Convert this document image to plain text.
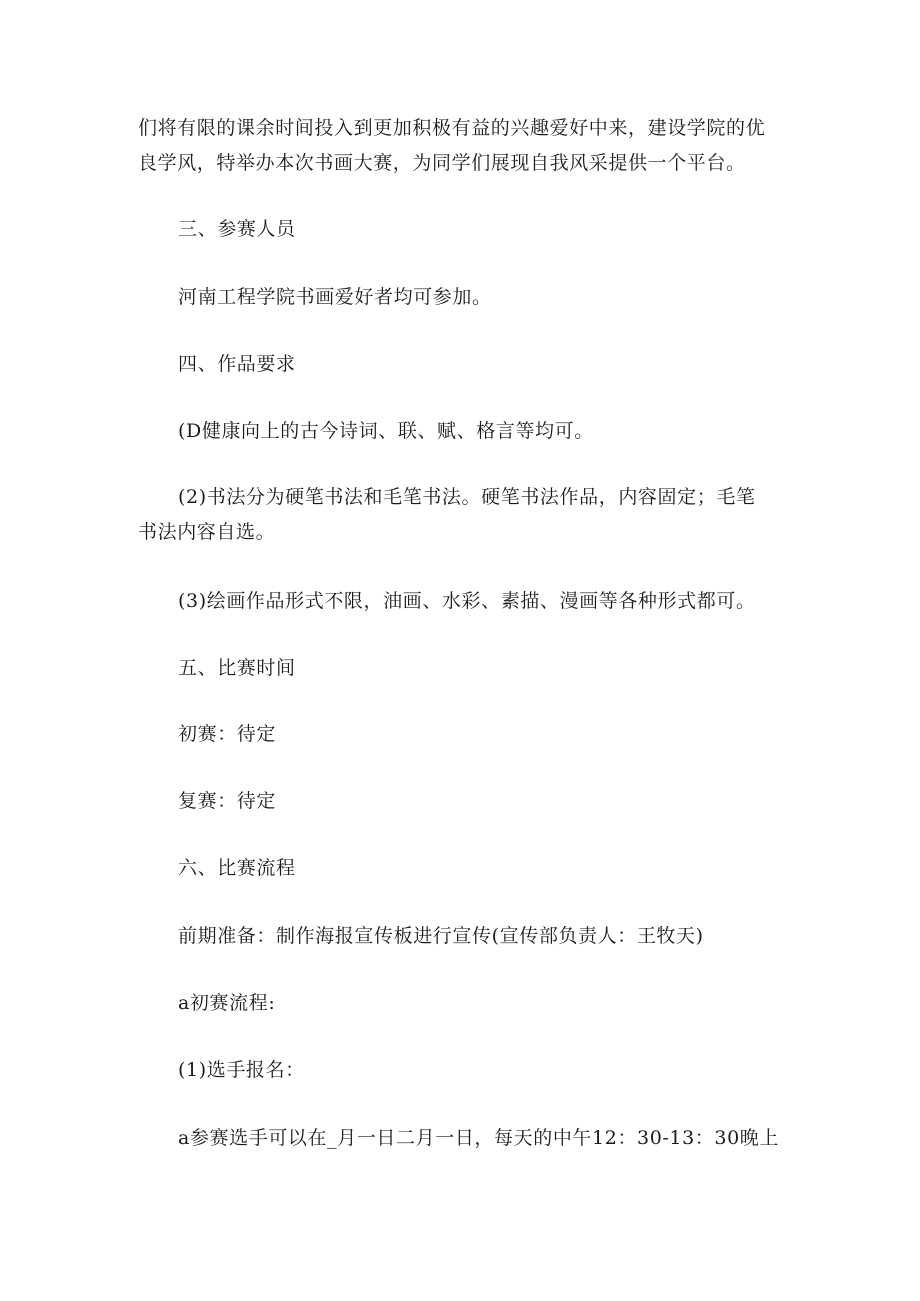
们将有限的课余时间投入到更加积极有益的兴趣爱好中来，建设学院的优
良学风，特举办本次书画大赛，为同学们展现自我风采提供一个平台。
三、参赛人员
河南工程学院书画爱好者均可参加。
四、作品要求
(D健康向上的古今诗词、联、赋、格言等均可。
(2)书法分为硬笔书法和毛笔书法。硬笔书法作品，内容固定；毛笔
书法内容自选。
(3)绘画作品形式不限，油画、水彩、素描、漫画等各种形式都可。
五、比赛时间
初赛：待定
复赛：待定
六、比赛流程
前期准备：制作海报宣传板进行宣传(宣传部负责人：王牧天)
a初赛流程:
(1)选手报名：
a参赛选手可以在_月一日二月一日，每天的中午12：30-13：30晚上
